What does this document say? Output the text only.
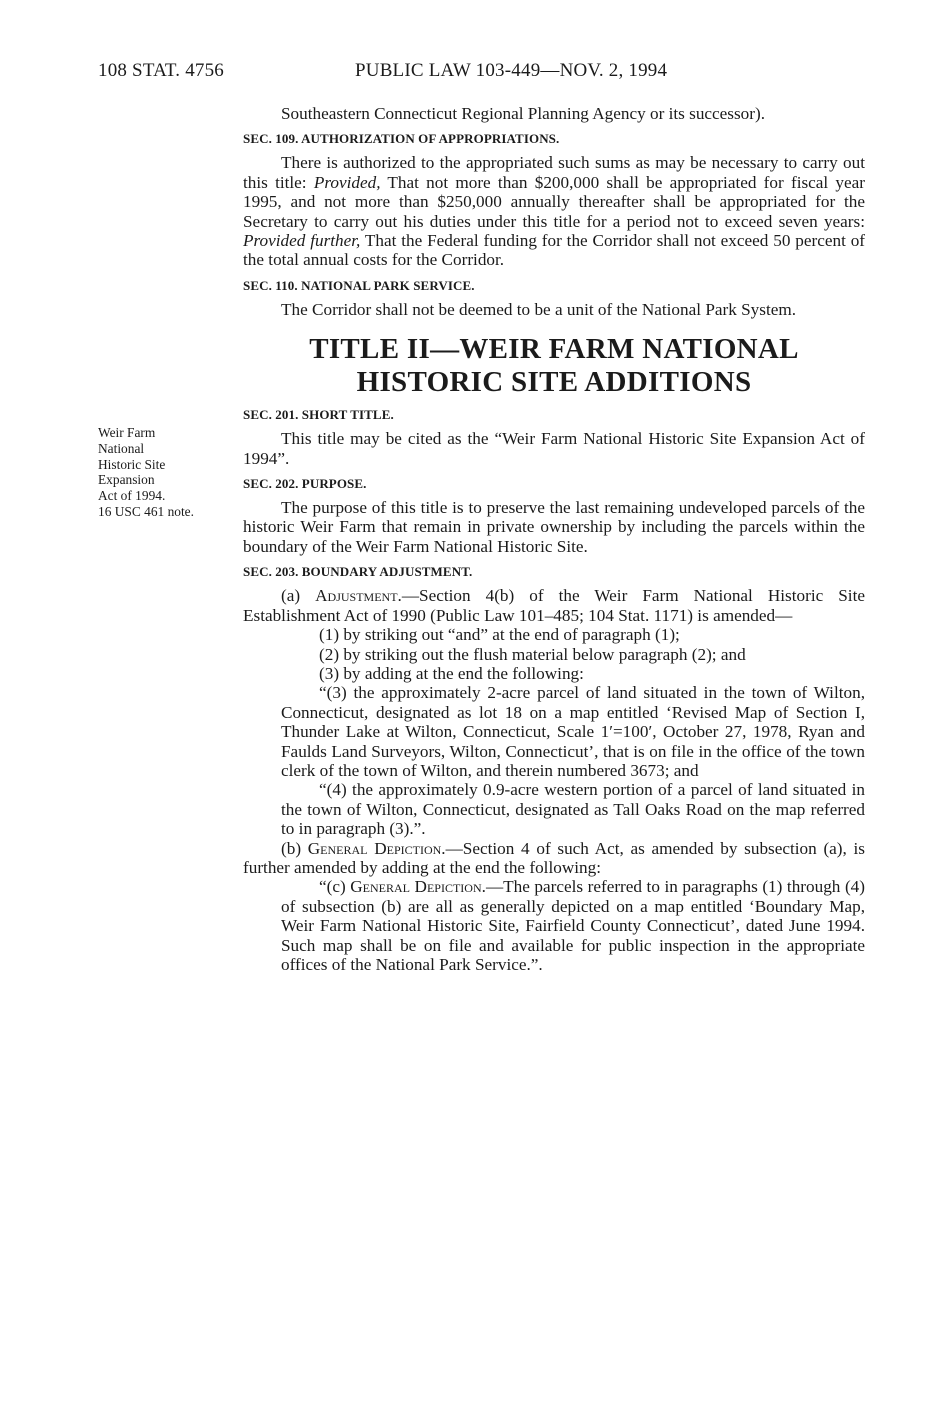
108 STAT. 4756	PUBLIC LAW 103-449—NOV. 2, 1994
Weir Farm
National
Historic Site
Expansion
Act of 1994.
16 USC 461 note.

Southeastern Connecticut Regional Planning Agency or its successor).

SEC. 109. AUTHORIZATION OF APPROPRIATIONS.

There is authorized to the appropriated such sums as may be necessary to carry out this title: Provided, That not more than $200,000 shall be appropriated for fiscal year 1995, and not more than $250,000 annually thereafter shall be appropriated for the Secretary to carry out his duties under this title for a period not to exceed seven years: Provided further, That the Federal funding for the Corridor shall not exceed 50 percent of the total annual costs for the Corridor.

SEC. 110. NATIONAL PARK SERVICE.

The Corridor shall not be deemed to be a unit of the National Park System.

TITLE II—WEIR FARM NATIONAL
HISTORIC SITE ADDITIONS
SEC. 201. SHORT TITLE.

This title may be cited as the “Weir Farm National Historic Site Expansion Act of 1994”.

SEC. 202. PURPOSE.

The purpose of this title is to preserve the last remaining undeveloped parcels of the historic Weir Farm that remain in private ownership by including the parcels within the boundary of the Weir Farm National Historic Site.

SEC. 203. BOUNDARY ADJUSTMENT.

(a) Adjustment.—Section 4(b) of the Weir Farm National Historic Site Establishment Act of 1990 (Public Law 101–485; 104 Stat. 1171) is amended—

(1) by striking out “and” at the end of paragraph (1);

(2) by striking out the flush material below paragraph (2); and

(3) by adding at the end the following:

“(3) the approximately 2-acre parcel of land situated in the town of Wilton, Connecticut, designated as lot 18 on a map entitled ‘Revised Map of Section I, Thunder Lake at Wilton, Connecticut, Scale 1′=100′, October 27, 1978, Ryan and Faulds Land Surveyors, Wilton, Connecticut’, that is on file in the office of the town clerk of the town of Wilton, and therein numbered 3673; and

“(4) the approximately 0.9-acre western portion of a parcel of land situated in the town of Wilton, Connecticut, designated as Tall Oaks Road on the map referred to in paragraph (3).”.

(b) General Depiction.—Section 4 of such Act, as amended by subsection (a), is further amended by adding at the end the following:

“(c) General Depiction.—The parcels referred to in paragraphs (1) through (4) of subsection (b) are all as generally depicted on a map entitled ‘Boundary Map, Weir Farm National Historic Site, Fairfield County Connecticut’, dated June 1994. Such map shall be on file and available for public inspection in the appropriate offices of the National Park Service.”.
